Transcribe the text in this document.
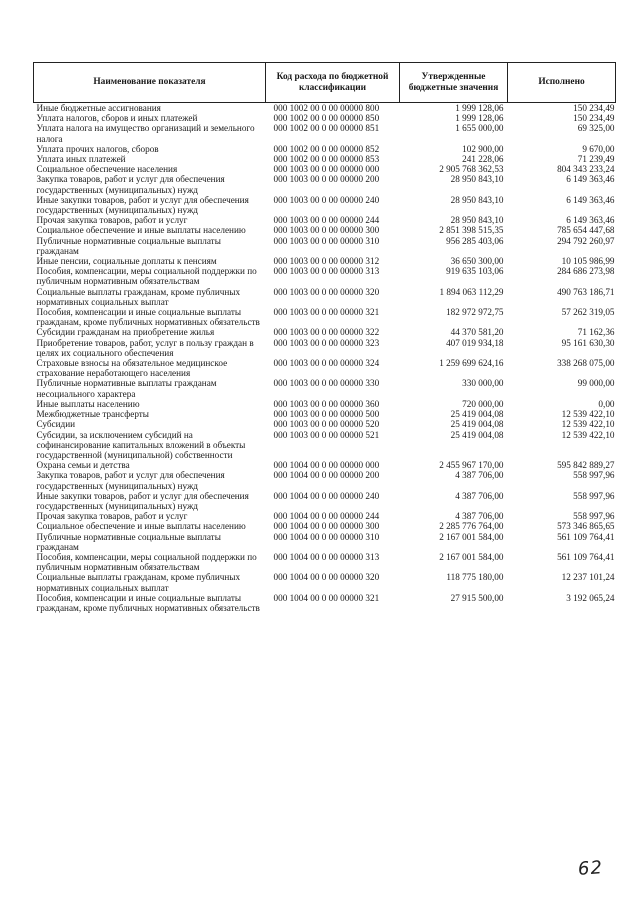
Наименование показателя	Код расхода по бюджетной классификации	Утвержденные бюджетные значения	Исполнено
Иные бюджетные ассигнования	000 1002 00 0 00 00000 800	1 999 128,06	150 234,49
Уплата налогов, сборов и иных платежей	000 1002 00 0 00 00000 850	1 999 128,06	150 234,49
Уплата налога на имущество организаций и земельного налога	000 1002 00 0 00 00000 851	1 655 000,00	69 325,00
Уплата прочих налогов, сборов	000 1002 00 0 00 00000 852	102 900,00	9 670,00
Уплата иных платежей	000 1002 00 0 00 00000 853	241 228,06	71 239,49
Социальное обеспечение населения	000 1003 00 0 00 00000 000	2 905 768 362,53	804 343 233,24
Закупка товаров, работ и услуг для обеспечения государственных (муниципальных) нужд	000 1003 00 0 00 00000 200	28 950 843,10	6 149 363,46
Иные закупки товаров, работ и услуг для обеспечения государственных (муниципальных) нужд	000 1003 00 0 00 00000 240	28 950 843,10	6 149 363,46
Прочая закупка товаров, работ и услуг	000 1003 00 0 00 00000 244	28 950 843,10	6 149 363,46
Социальное обеспечение и иные выплаты населению	000 1003 00 0 00 00000 300	2 851 398 515,35	785 654 447,68
Публичные нормативные социальные выплаты гражданам	000 1003 00 0 00 00000 310	956 285 403,06	294 792 260,97
Иные пенсии, социальные доплаты к пенсиям	000 1003 00 0 00 00000 312	36 650 300,00	10 105 986,99
Пособия, компенсации, меры социальной поддержки по публичным нормативным обязательствам	000 1003 00 0 00 00000 313	919 635 103,06	284 686 273,98
Социальные выплаты гражданам, кроме публичных нормативных социальных выплат	000 1003 00 0 00 00000 320	1 894 063 112,29	490 763 186,71
Пособия, компенсации и иные социальные выплаты гражданам, кроме публичных нормативных обязательств	000 1003 00 0 00 00000 321	182 972 972,75	57 262 319,05
Субсидии гражданам на приобретение жилья	000 1003 00 0 00 00000 322	44 370 581,20	71 162,36
Приобретение товаров, работ, услуг в пользу граждан в целях их социального обеспечения	000 1003 00 0 00 00000 323	407 019 934,18	95 161 630,30
Страховые взносы на обязательное медицинское страхование неработающего населения	000 1003 00 0 00 00000 324	1 259 699 624,16	338 268 075,00
Публичные нормативные выплаты гражданам несоциального характера	000 1003 00 0 00 00000 330	330 000,00	99 000,00
Иные выплаты населению	000 1003 00 0 00 00000 360	720 000,00	0,00
Межбюджетные трансферты	000 1003 00 0 00 00000 500	25 419 004,08	12 539 422,10
Субсидии	000 1003 00 0 00 00000 520	25 419 004,08	12 539 422,10
Субсидии, за исключением субсидий на софинансирование капитальных вложений в объекты государственной (муниципальной) собственности	000 1003 00 0 00 00000 521	25 419 004,08	12 539 422,10
Охрана семьи и детства	000 1004 00 0 00 00000 000	2 455 967 170,00	595 842 889,27
Закупка товаров, работ и услуг для обеспечения государственных (муниципальных) нужд	000 1004 00 0 00 00000 200	4 387 706,00	558 997,96
Иные закупки товаров, работ и услуг для обеспечения государственных (муниципальных) нужд	000 1004 00 0 00 00000 240	4 387 706,00	558 997,96
Прочая закупка товаров, работ и услуг	000 1004 00 0 00 00000 244	4 387 706,00	558 997,96
Социальное обеспечение и иные выплаты населению	000 1004 00 0 00 00000 300	2 285 776 764,00	573 346 865,65
Публичные нормативные социальные выплаты гражданам	000 1004 00 0 00 00000 310	2 167 001 584,00	561 109 764,41
Пособия, компенсации, меры социальной поддержки по публичным нормативным обязательствам	000 1004 00 0 00 00000 313	2 167 001 584,00	561 109 764,41
Социальные выплаты гражданам, кроме публичных нормативных социальных выплат	000 1004 00 0 00 00000 320	118 775 180,00	12 237 101,24
Пособия, компенсации и иные социальные выплаты гражданам, кроме публичных нормативных обязательств	000 1004 00 0 00 00000 321	27 915 500,00	3 192 065,24
62
